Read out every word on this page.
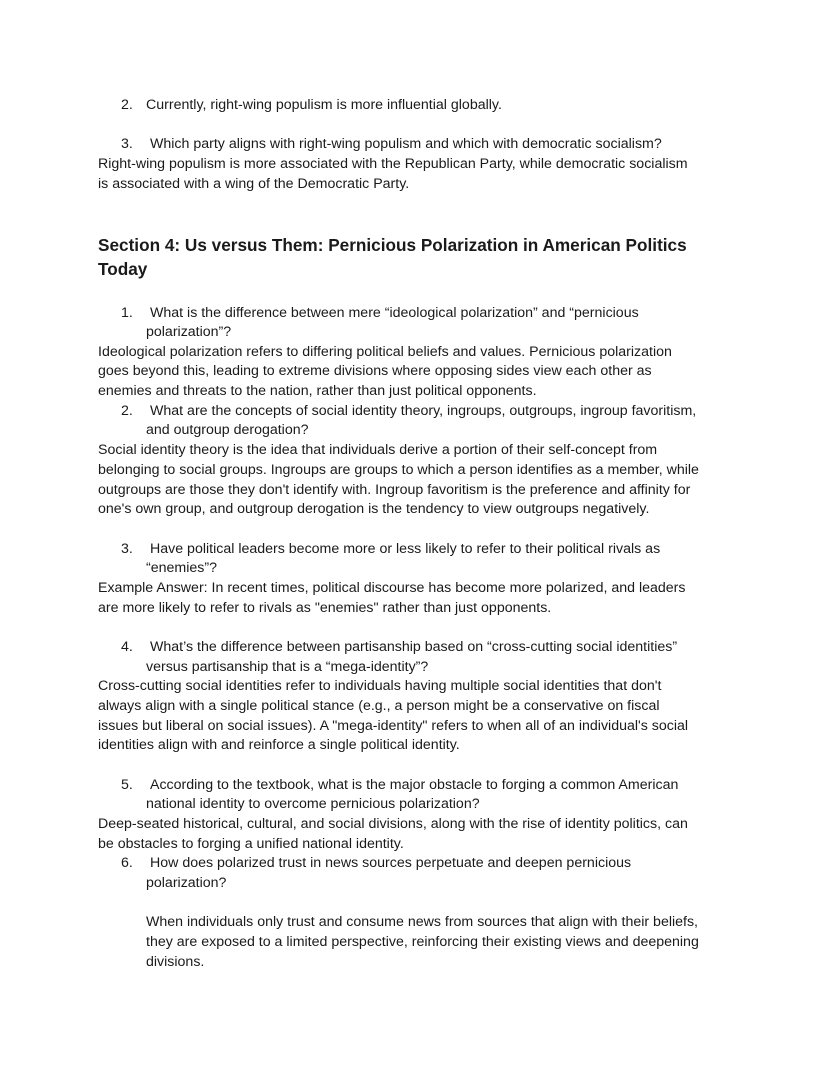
2. Currently, right-wing populism is more influential globally.
3. Which party aligns with right-wing populism and which with democratic socialism?
Right-wing populism is more associated with the Republican Party, while democratic socialism
is associated with a wing of the Democratic Party.
Section 4: Us versus Them: Pernicious Polarization in American Politics
Today
1. What is the difference between mere “ideological polarization” and “pernicious
polarization”?
Ideological polarization refers to differing political beliefs and values. Pernicious polarization
goes beyond this, leading to extreme divisions where opposing sides view each other as
enemies and threats to the nation, rather than just political opponents.
2. What are the concepts of social identity theory, ingroups, outgroups, ingroup favoritism,
and outgroup derogation?
Social identity theory is the idea that individuals derive a portion of their self-concept from
belonging to social groups. Ingroups are groups to which a person identifies as a member, while
outgroups are those they don't identify with. Ingroup favoritism is the preference and affinity for
one's own group, and outgroup derogation is the tendency to view outgroups negatively.
3. Have political leaders become more or less likely to refer to their political rivals as
“enemies”?
Example Answer: In recent times, political discourse has become more polarized, and leaders
are more likely to refer to rivals as "enemies" rather than just opponents.
4. What’s the difference between partisanship based on “cross-cutting social identities”
versus partisanship that is a “mega-identity”?
Cross-cutting social identities refer to individuals having multiple social identities that don't
always align with a single political stance (e.g., a person might be a conservative on fiscal
issues but liberal on social issues). A "mega-identity" refers to when all of an individual's social
identities align with and reinforce a single political identity.
5. According to the textbook, what is the major obstacle to forging a common American
national identity to overcome pernicious polarization?
Deep-seated historical, cultural, and social divisions, along with the rise of identity politics, can
be obstacles to forging a unified national identity.
6. How does polarized trust in news sources perpetuate and deepen pernicious
polarization?
When individuals only trust and consume news from sources that align with their beliefs,
they are exposed to a limited perspective, reinforcing their existing views and deepening
divisions.
